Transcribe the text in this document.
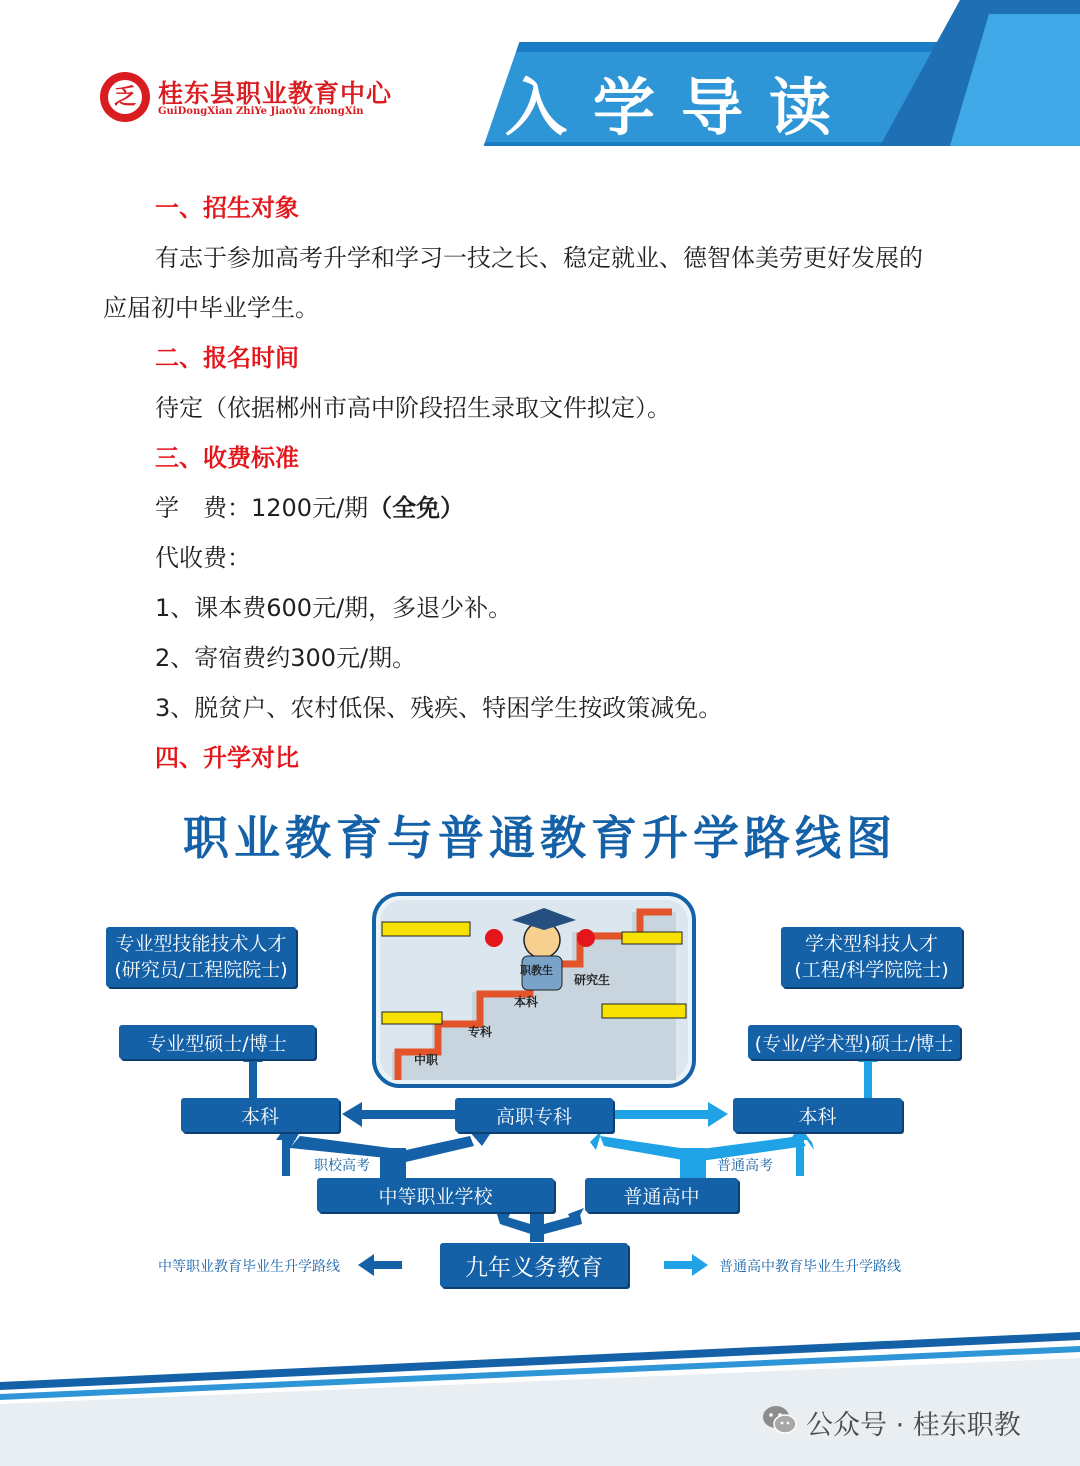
乏 桂东县职业教育中心
GuiDongXian ZhiYe JiaoYu ZhongXin 入学导读
一、招生对象
有志于参加高考升学和学习一技之长、稳定就业、德智体美劳更好发展的
应届初中毕业学生。
二、报名时间
待定（依据郴州市高中阶段招生录取文件拟定）。
三、收费标准
学　费：1200元/期（全免）
代收费：
1、课本费600元/期，多退少补。
2、寄宿费约300元/期。
3、脱贫户、农村低保、残疾、特困学生按政策减免。
四、升学对比
职业教育与普通教育升学路线图
中职
专科
本科
职教生
研究生
专业型技能技术人才
(研究员/工程院院士)
专业型硕士/博士
本科	高职专科
学术型科技人才
(工程/科学院院士)
(专业/学术型)硕士/博士
本科
职校高考	普通高考
中等职业学校	普通高中
九年义务教育
中等职业教育毕业生升学路线	普通高中教育毕业生升学路线
公众号 · 桂东职教
